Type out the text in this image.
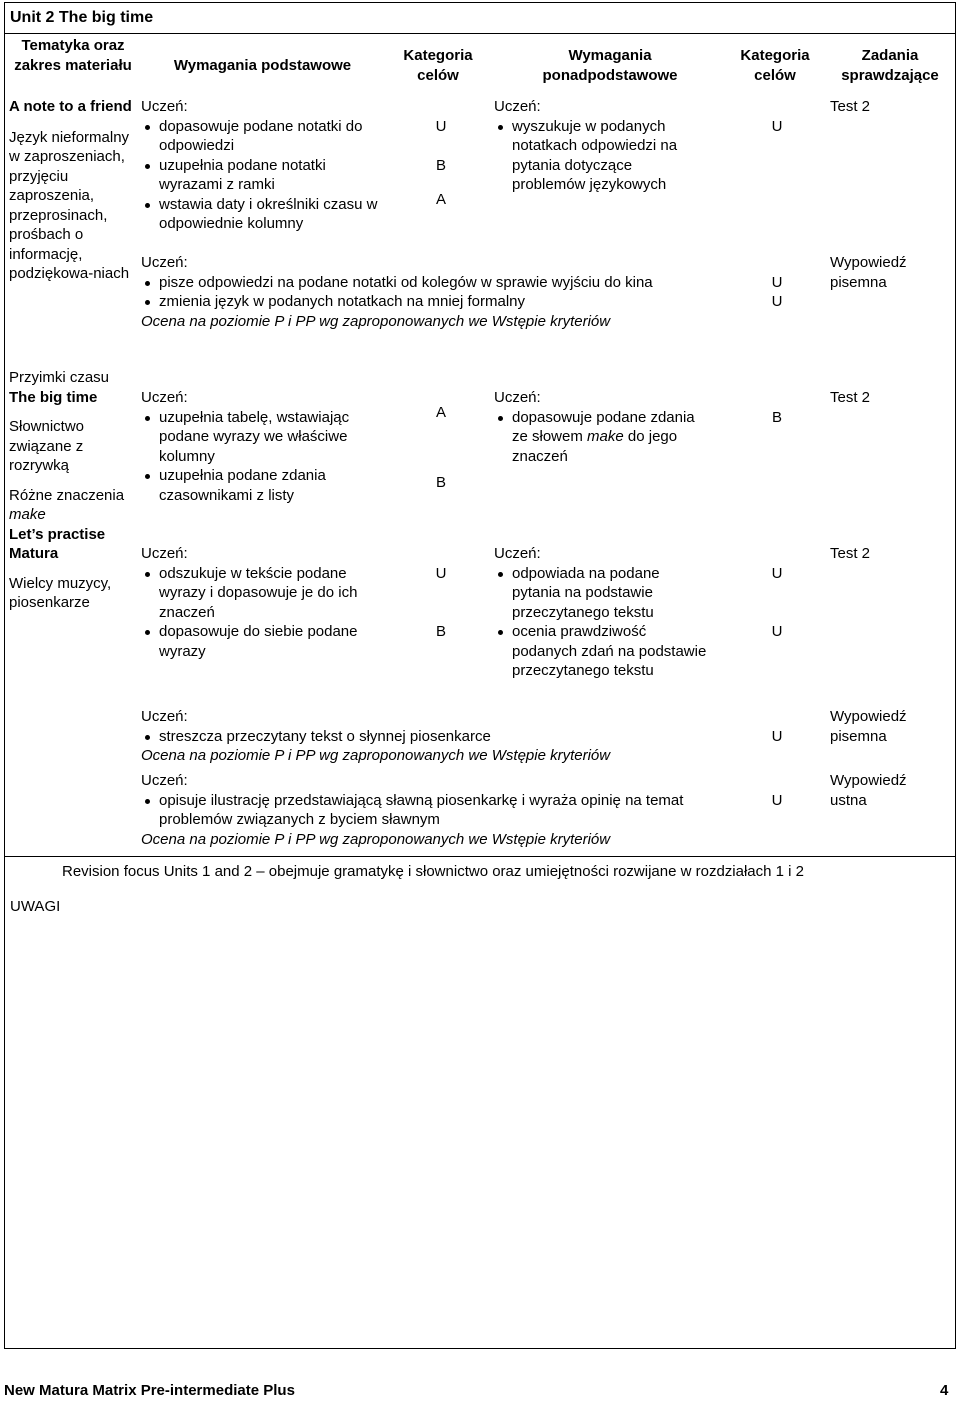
Unit 2 The big time
Tematyka oraz zakres materiału	Wymagania podstawowe
Kategoria celów
Wymagania ponadpodstawowe
Kategoria celów
Zadania sprawdzające
A note to a friend
Język nieformalny w zaproszeniach, przyjęciu zaproszenia, przeprosinach, prośbach o informację, podziękowa-niach
Uczeń:
dopasowuje podane notatki do odpowiedzi
uzupełnia podane notatki wyrazami z ramki
wstawia daty i określniki czasu w odpowiednie kolumny
U
B
A
Uczeń:
wyszukuje w podanych notatkach odpowiedzi na pytania dotyczące problemów językowych
U
Test 2
Uczeń:
pisze odpowiedzi na podane notatki od kolegów w sprawie wyjściu do kina
zmienia język w podanych notatkach na mniej formalny
Ocena na poziomie P i PP wg zaproponowanych we Wstępie kryteriów
U
U
Wypowiedź pisemna
Przyimki czasu
The big time
Słownictwo związane z rozrywką
Różne znaczenia make
Let’s practise Matura
Wielcy muzycy, piosenkarze
Uczeń:
uzupełnia tabelę, wstawiając podane wyrazy we właściwe kolumny
uzupełnia podane zdania czasownikami z listy
A
B
Uczeń:
dopasowuje podane zdania ze słowem make do jego znaczeń
B
Test 2
Uczeń:
odszukuje w tekście podane wyrazy i dopasowuje je do ich znaczeń
dopasowuje do siebie podane wyrazy
U
B
Uczeń:
odpowiada na podane pytania na podstawie przeczytanego tekstu
ocenia prawdziwość podanych zdań na podstawie przeczytanego tekstu
U
U
Test 2
Uczeń:
streszcza przeczytany tekst o słynnej piosenkarce
Ocena na poziomie P i PP wg zaproponowanych we Wstępie kryteriów
U
Wypowiedź pisemna
Uczeń:
opisuje ilustrację przedstawiającą sławną piosenkarkę i wyraża opinię na temat problemów związanych z byciem sławnym
Ocena na poziomie P i PP wg zaproponowanych we Wstępie kryteriów
U
Wypowiedź ustna
Revision focus Units 1 and 2 – obejmuje gramatykę i słownictwo oraz umiejętności rozwijane w rozdziałach 1 i 2
UWAGI
New Matura Matrix Pre-intermediate Plus	4
